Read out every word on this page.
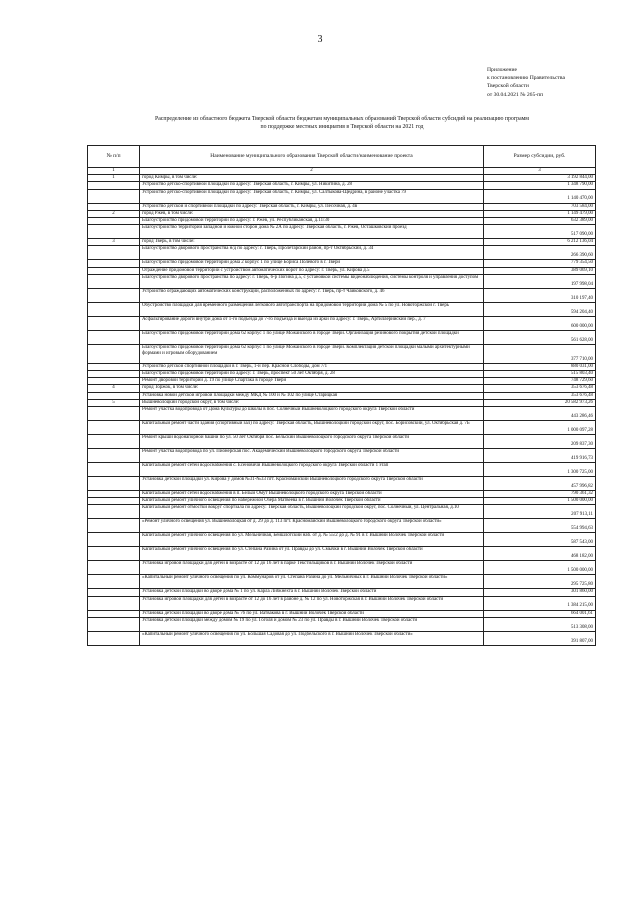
3
Приложение
к постановлению Правительства
Тверской области
от 30.04.2021 № 265-пп
Распределение из областного бюджета Тверской области бюджетам муниципальных образований Тверской области субсидий на реализацию программ
по поддержке местных инициатив в Тверской области на 2021 год
№ п/п	Наименование муниципального образования Тверской области/наименование проекта	Размер субсидии, руб.
1	2	3
1	город Кимры, в том числе:	3 192 844,00
	Устройство детско-спортивной площадки по адресу: Тверская область, г. Кимры, ул. Никитина, д. 28	1 348 790,00
	Устройство детско-спортивной площадки по адресу: Тверская область, г. Кимры, ул. Салтыкова-Щедрина, в районе участка 79	1 140 470,00
	Устройство детской и спортивной площадки по адресу: Тверская область, г. Кимры, ул. Песочная, д. 4в	703 584,00
2	город Ржев, в том числе:	1 149 479,00
	Благоустройство придомовой территории по адресу: г. Ржев, ул. Республиканская, д.11/30	632 389,00
	Благоустройство территории западной и южной сторон дома № 2А по адресу: Тверская область, г. Ржев, Осташковский проезд	517 090,00
3	город Тверь, в том числе:	6 212 136,04
	Благоустройство дворового пространства н/д по адресу: г. Тверь, Пролетарский район, пр-т Октябрьский, д. 34	266 390,60
	Благоустройство придомовой территории дома 2 корпус 1 по улице Бориса Полевого в г. Твери	779 354,50
	Ограждение придомовой территории с устройством автоматических ворот по адресу: г. Тверь, ул. Кирова д.5	389 069,10
	Благоустройство дворового пространства по адресу: г. Тверь, 6-р Погина д.5, с установкой системы видеонаблюдения, системы контроля и управления доступом	197 998,04
	Устройство ограждающих автоматических конструкций, расположенных по адресу: г. Тверь, пр-т Чайковского, д. 46	310 197,40
	Обустройство площадки для временного размещения легкового автотранспорта на придомовой территории дома № 5 по ул. Новоторжской г. Тверь	594 204,40
	Асфальтирование дороги внутри дома от 1-го подъезда до 7-го подъезда и выезда из арки по адресу: г. Тверь, Артиллерийский пер., д. 7	600 000,00
	Благоустройство придомовой территории дома 62 корпус 1 по улице Можайского в городе Твери. Организация резинового покрытия детской площадки	561 628,00
	Благоустройство придомовой территории дома 62 корпус 1 по улице Можайского в городе Твери. Комплектация детской площадки малыми архитектурными формами и игровым оборудованием	377 710,00
	Устройство детской спортивной площадки в г. Тверь, 1-й пер. Красной Слободы, дом 7/1	880 031,00
	Благоустройство придомовой территории по адресу: г. Тверь, проспект 50 лет Октября, д. 28	515 803,40
	Ремонт дворовой территории д. 19 по улице Спартака в городе Твери	748 729,60
4	город Торжок, в том числе:	353 676,48
	Установка новой детской игровой площадки между МКД № 100 и № 102 по улице Старицкая	353 676,48
5	Вышневолоцкий городской округ, в том числе:	20 582 973,26
	Ремонт участка водопровода от Дома Культуры до школы в пос. Солнечный Вышневолоцкого городского округа Тверской области	443 286,46
	Капитальный ремонт части здания (спортивный зал) по адресу: Тверская область, Вышневолоцкий городской округ, пос. Борисовский, ул. Октябрьская д. 7Б	1 000 097,28
	Ремонт крыши водонапорной башни по ул. 50 лет Октября пос. Бельский Вышневолоцкого городского округа Тверской области	209 837,30
	Ремонт участка водопровода по ул. Пионерская пос. Академический Вышневолоцкого городского округа Тверской области	419 916,73
	Капитальный ремонт сетей водоснабжения с. Есеновичи Вышневолоцкого городского округа Тверской области 1 этап	1 300 725,00
	Установка детской площадки ул. Кирова у домов №31-№33 пгт. Красномайский Вышневолоцкого городского округа Тверской области	457 996,82
	Капитальный ремонт сетей водоснабжения в п. Белый Омут Вышневолоцкого городского округа Тверской области	790 361,32
	Капитальный ремонт уличного освещения по набережной Озера Матвеева в г. Вышний Волочек Тверской области	1 500 000,00
	Капитальный ремонт отмостки вокруг спортзала по адресу: Тверская область, Вышневолоцкий городской округ, пос. Солнечный, ул. Центральная, д.10	207 913,11
	«Ремонт уличного освещения ул. Вышневолоцкая от д. 29 до д. 113 пгт. Красномайский Вышневолоцкого городского округа Тверской области»	554 994,63
	Капитальный ремонт уличного освещения по ул. Мельничная, Бейшлотский наб. от д. № 55/2 до д. № 91 в г. Вышний Волочек Тверской области	587 543,00
	Капитальный ремонт уличного освещения по ул. Степана Разина от ул. Правды до ул. Смычки в г. Вышний Волочек Тверской области	468 182,00
	Установка игровой площадки для детей в возрасте от 12 до 16 лет в парке Текстильщиков в г. Вышний Волочек Тверской области	1 500 000,00
	«Капитальный ремонт уличного освещения по ул. Коммунаров от ул. Степана Разина до ул. Мельничных в г. Вышний Волочек Тверской области»	295 725,80
	Установка детской площадки во дворе дома № 1 по ул. Карла Либкнехта в г. Вышний Волочек Тверской области	301 860,00
	Установка игровой площадки для детей в возрасте от 12 до 16 лет в районе д. № 12 по ул. Новоторжская в г. Вышний Волочек Тверской области	1 384 215,00
	Установка детской площадки во дворе дома № 76 по ул. Ватвакова в г. Вышний Волочек Тверской области	664 001,61
	Установка детской площадки между домом № 19 по ул. Гоголя и домом № 23 по ул. Правды в г. Вышний Волочек Тверской области	513 308,00
	«Капитальный ремонт уличного освещения по ул. Большая Садовая до ул. Подбельского в г. Вышний Волочек Тверской области»	391 807,00
